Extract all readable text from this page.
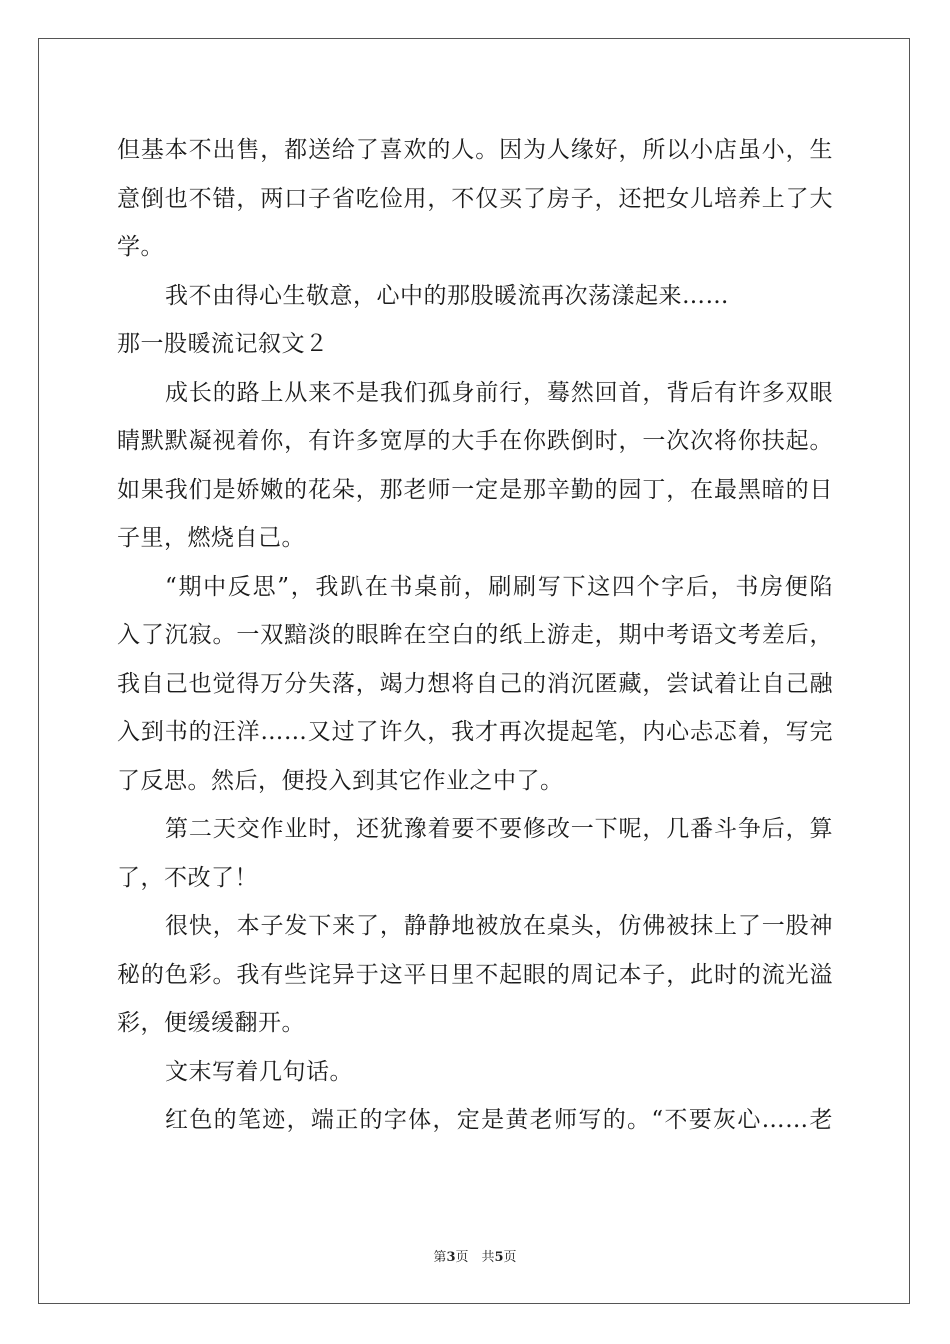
但基本不出售，都送给了喜欢的人。因为人缘好，所以小店虽小，生
意倒也不错，两口子省吃俭用，不仅买了房子，还把女儿培养上了大
学。
我不由得心生敬意，心中的那股暖流再次荡漾起来……
那一股暖流记叙文２
成长的路上从来不是我们孤身前行，蓦然回首，背后有许多双眼
睛默默凝视着你，有许多宽厚的大手在你跌倒时，一次次将你扶起。
如果我们是娇嫩的花朵，那老师一定是那辛勤的园丁，在最黑暗的日
子里，燃烧自己。
“期中反思”，我趴在书桌前，刷刷写下这四个字后，书房便陷
入了沉寂。一双黯淡的眼眸在空白的纸上游走，期中考语文考差后，
我自己也觉得万分失落，竭力想将自己的消沉匿藏，尝试着让自己融
入到书的汪洋……又过了许久，我才再次提起笔，内心忐忑着，写完
了反思。然后，便投入到其它作业之中了。
第二天交作业时，还犹豫着要不要修改一下呢，几番斗争后，算
了，不改了！
很快，本子发下来了，静静地被放在桌头，仿佛被抹上了一股神
秘的色彩。我有些诧异于这平日里不起眼的周记本子，此时的流光溢
彩，便缓缓翻开。
文末写着几句话。
红色的笔迹，端正的字体，定是黄老师写的。“不要灰心……老
第3页　共5页
